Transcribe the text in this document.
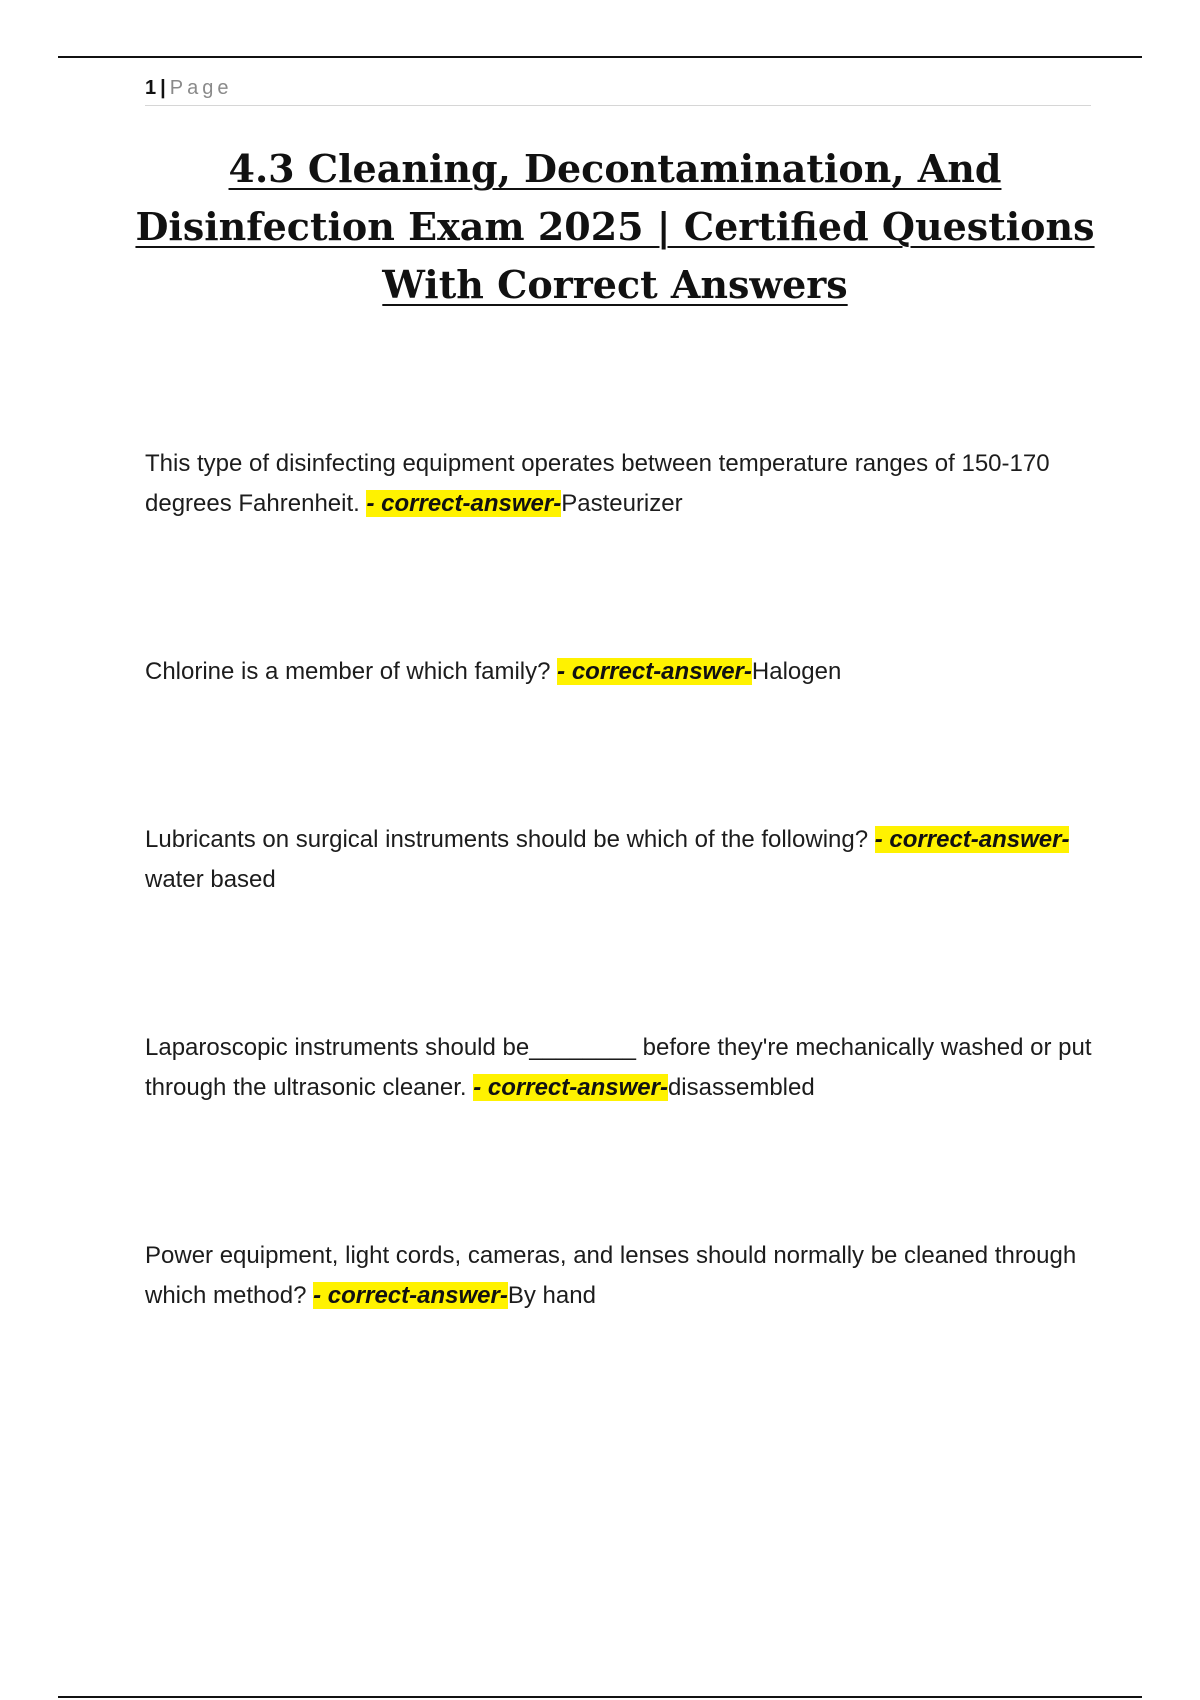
1 | Page
4.3 Cleaning, Decontamination, And
Disinfection Exam 2025 | Certified Questions
With Correct Answers
This type of disinfecting equipment operates between temperature ranges of 150-170 degrees Fahrenheit. - correct-answer-Pasteurizer
Chlorine is a member of which family? - correct-answer-Halogen
Lubricants on surgical instruments should be which of the following? - correct-answer-water based
Laparoscopic instruments should be________ before they're mechanically washed or put through the ultrasonic cleaner. - correct-answer-disassembled
Power equipment, light cords, cameras, and lenses should normally be cleaned through which method? - correct-answer-By hand
